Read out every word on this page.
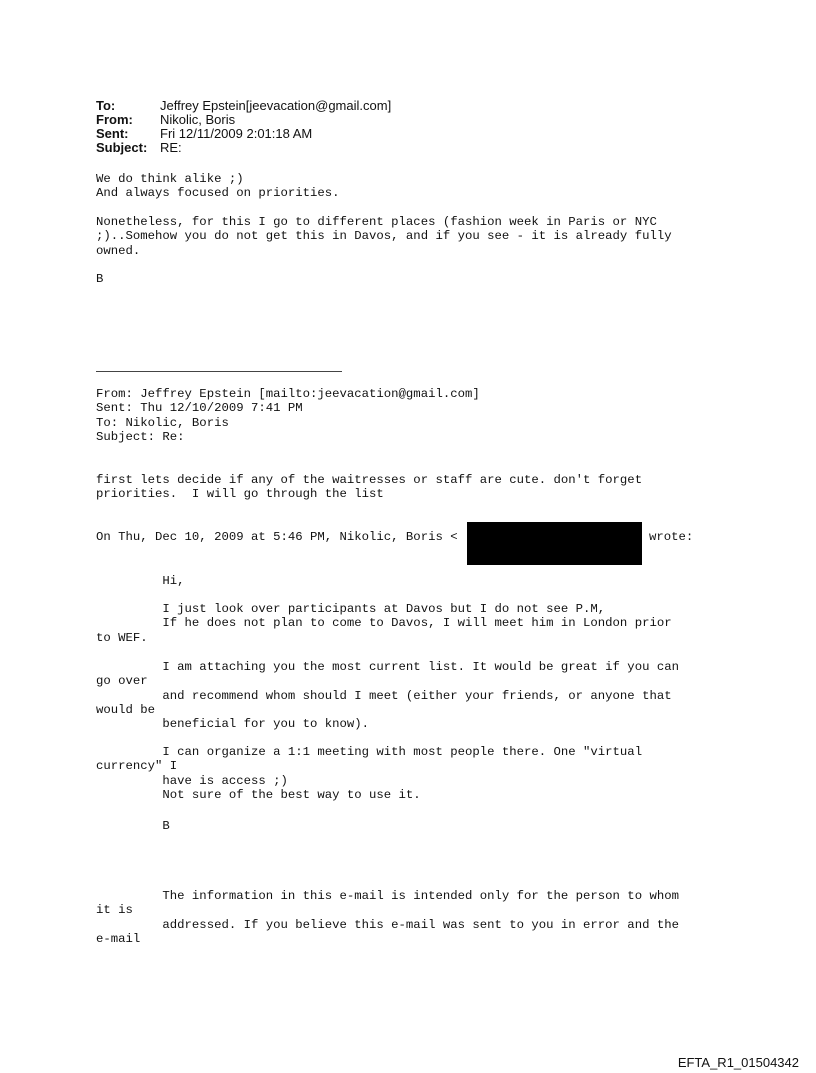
To:	Jeffrey Epstein[jeevacation@gmail.com]
From:	Nikolic, Boris
Sent:	Fri 12/11/2009 2:01:18 AM
Subject: RE:
We do think alike ;)
And always focused on priorities.
Nonetheless, for this I go to different places (fashion week in Paris or NYC
;)..Somehow you do not get this in Davos, and if you see - it is already fully
owned.
B
From: Jeffrey Epstein [mailto:jeevacation@gmail.com]
Sent: Thu 12/10/2009 7:41 PM
To: Nikolic, Boris
Subject: Re:
first lets decide if any of the waitresses or staff are cute. don't forget
priorities.  I will go through the list
On Thu, Dec 10, 2009 at 5:46 PM, Nikolic, Boris <	wrote:
Hi,
I just look over participants at Davos but I do not see P.M,
If he does not plan to come to Davos, I will meet him in London prior
to WEF.
I am attaching you the most current list. It would be great if you can
go over
and recommend whom should I meet (either your friends, or anyone that
would be
beneficial for you to know).
I can organize a 1:1 meeting with most people there. One "virtual
currency" I
have is access ;)
Not sure of the best way to use it.
B
The information in this e-mail is intended only for the person to whom
it is
addressed. If you believe this e-mail was sent to you in error and the
e-mail
EFTA_R1_01504342
